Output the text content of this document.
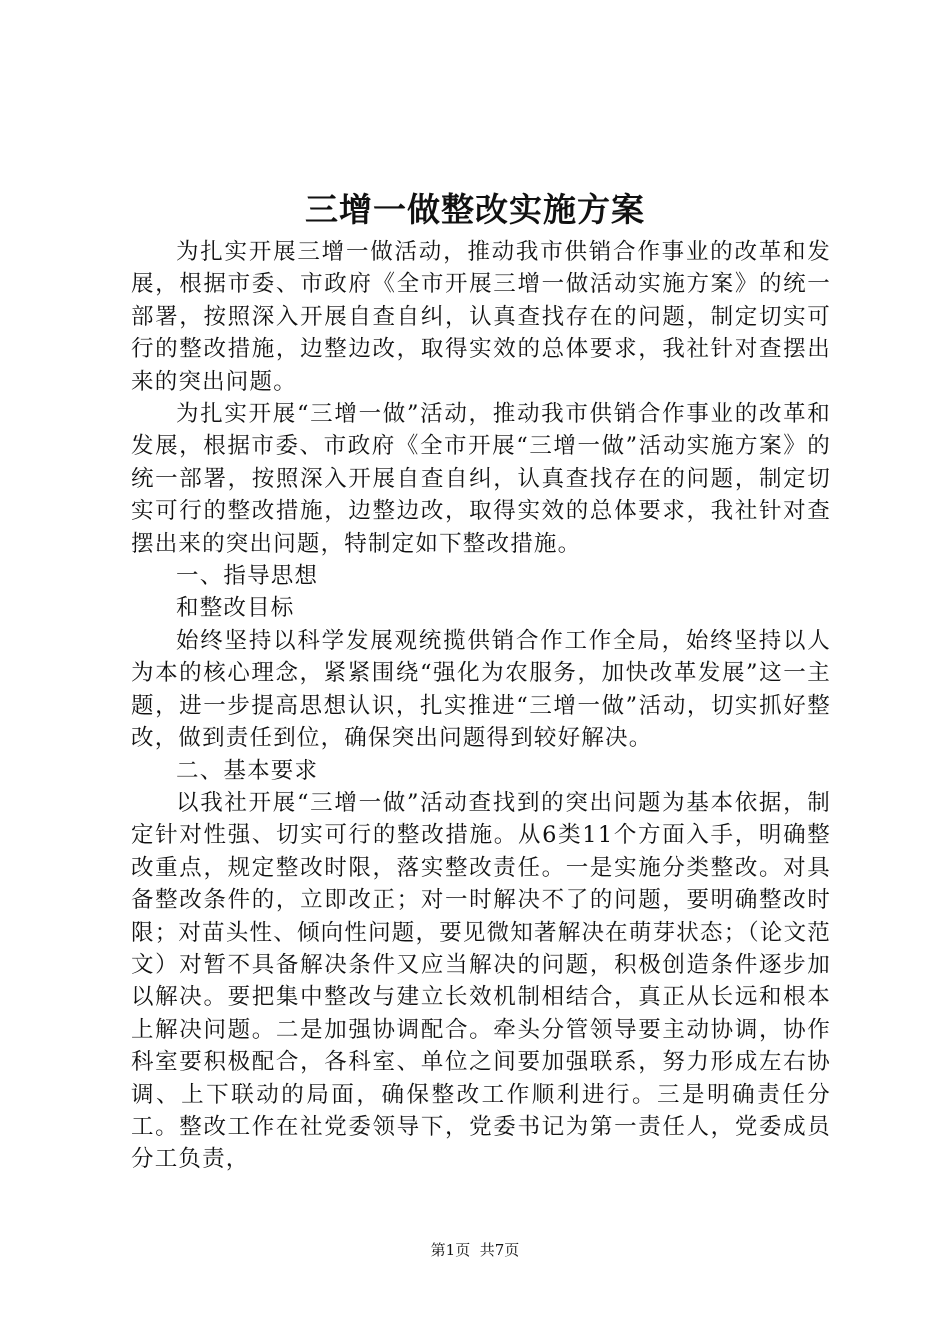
三增一做整改实施方案

为扎实开展三增一做活动，推动我市供销合作事业的改革和发展，根据市委、市政府《全市开展三增一做活动实施方案》的统一部署，按照深入开展自查自纠，认真查找存在的问题，制定切实可行的整改措施，边整边改，取得实效的总体要求，我社针对查摆出来的突出问题。

为扎实开展“三增一做”活动，推动我市供销合作事业的改革和发展，根据市委、市政府《全市开展“三增一做”活动实施方案》的统一部署，按照深入开展自查自纠，认真查找存在的问题，制定切实可行的整改措施，边整边改，取得实效的总体要求，我社针对查摆出来的突出问题，特制定如下整改措施。

一、指导思想

和整改目标

始终坚持以科学发展观统揽供销合作工作全局，始终坚持以人为本的核心理念，紧紧围绕“强化为农服务，加快改革发展”这一主题，进一步提高思想认识，扎实推进“三增一做”活动，切实抓好整改，做到责任到位，确保突出问题得到较好解决。

二、基本要求

以我社开展“三增一做”活动查找到的突出问题为基本依据，制定针对性强、切实可行的整改措施。从6类11个方面入手，明确整改重点，规定整改时限，落实整改责任。一是实施分类整改。对具备整改条件的，立即改正；对一时解决不了的问题，要明确整改时限；对苗头性、倾向性问题，要见微知著解决在萌芽状态；（论文范文）对暂不具备解决条件又应当解决的问题，积极创造条件逐步加以解决。要把集中整改与建立长效机制相结合，真正从长远和根本上解决问题。二是加强协调配合。牵头分管领导要主动协调，协作科室要积极配合，各科室、单位之间要加强联系，努力形成左右协调、上下联动的局面，确保整改工作顺利进行。三是明确责任分工。整改工作在社党委领导下，党委书记为第一责任人，党委成员分工负责，

第1页 共7页
